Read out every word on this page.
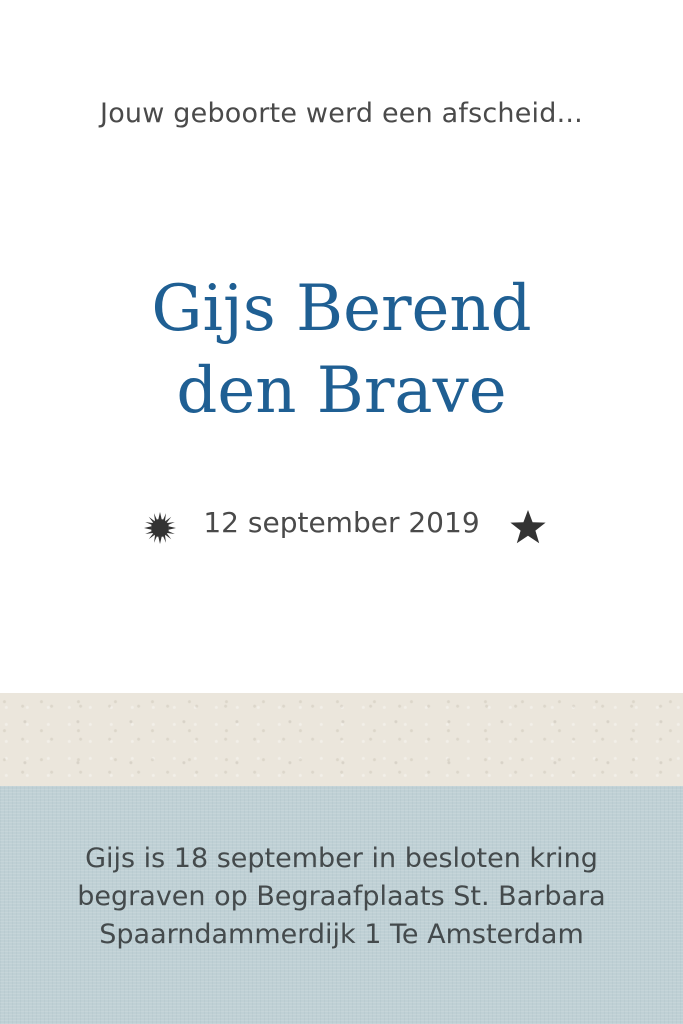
Jouw geboorte werd een afscheid...
Gijs Berend
den Brave
12 september 2019
Gijs is 18 september in besloten kring
begraven op Begraafplaats St. Barbara
Spaarndammerdijk 1 Te Amsterdam
